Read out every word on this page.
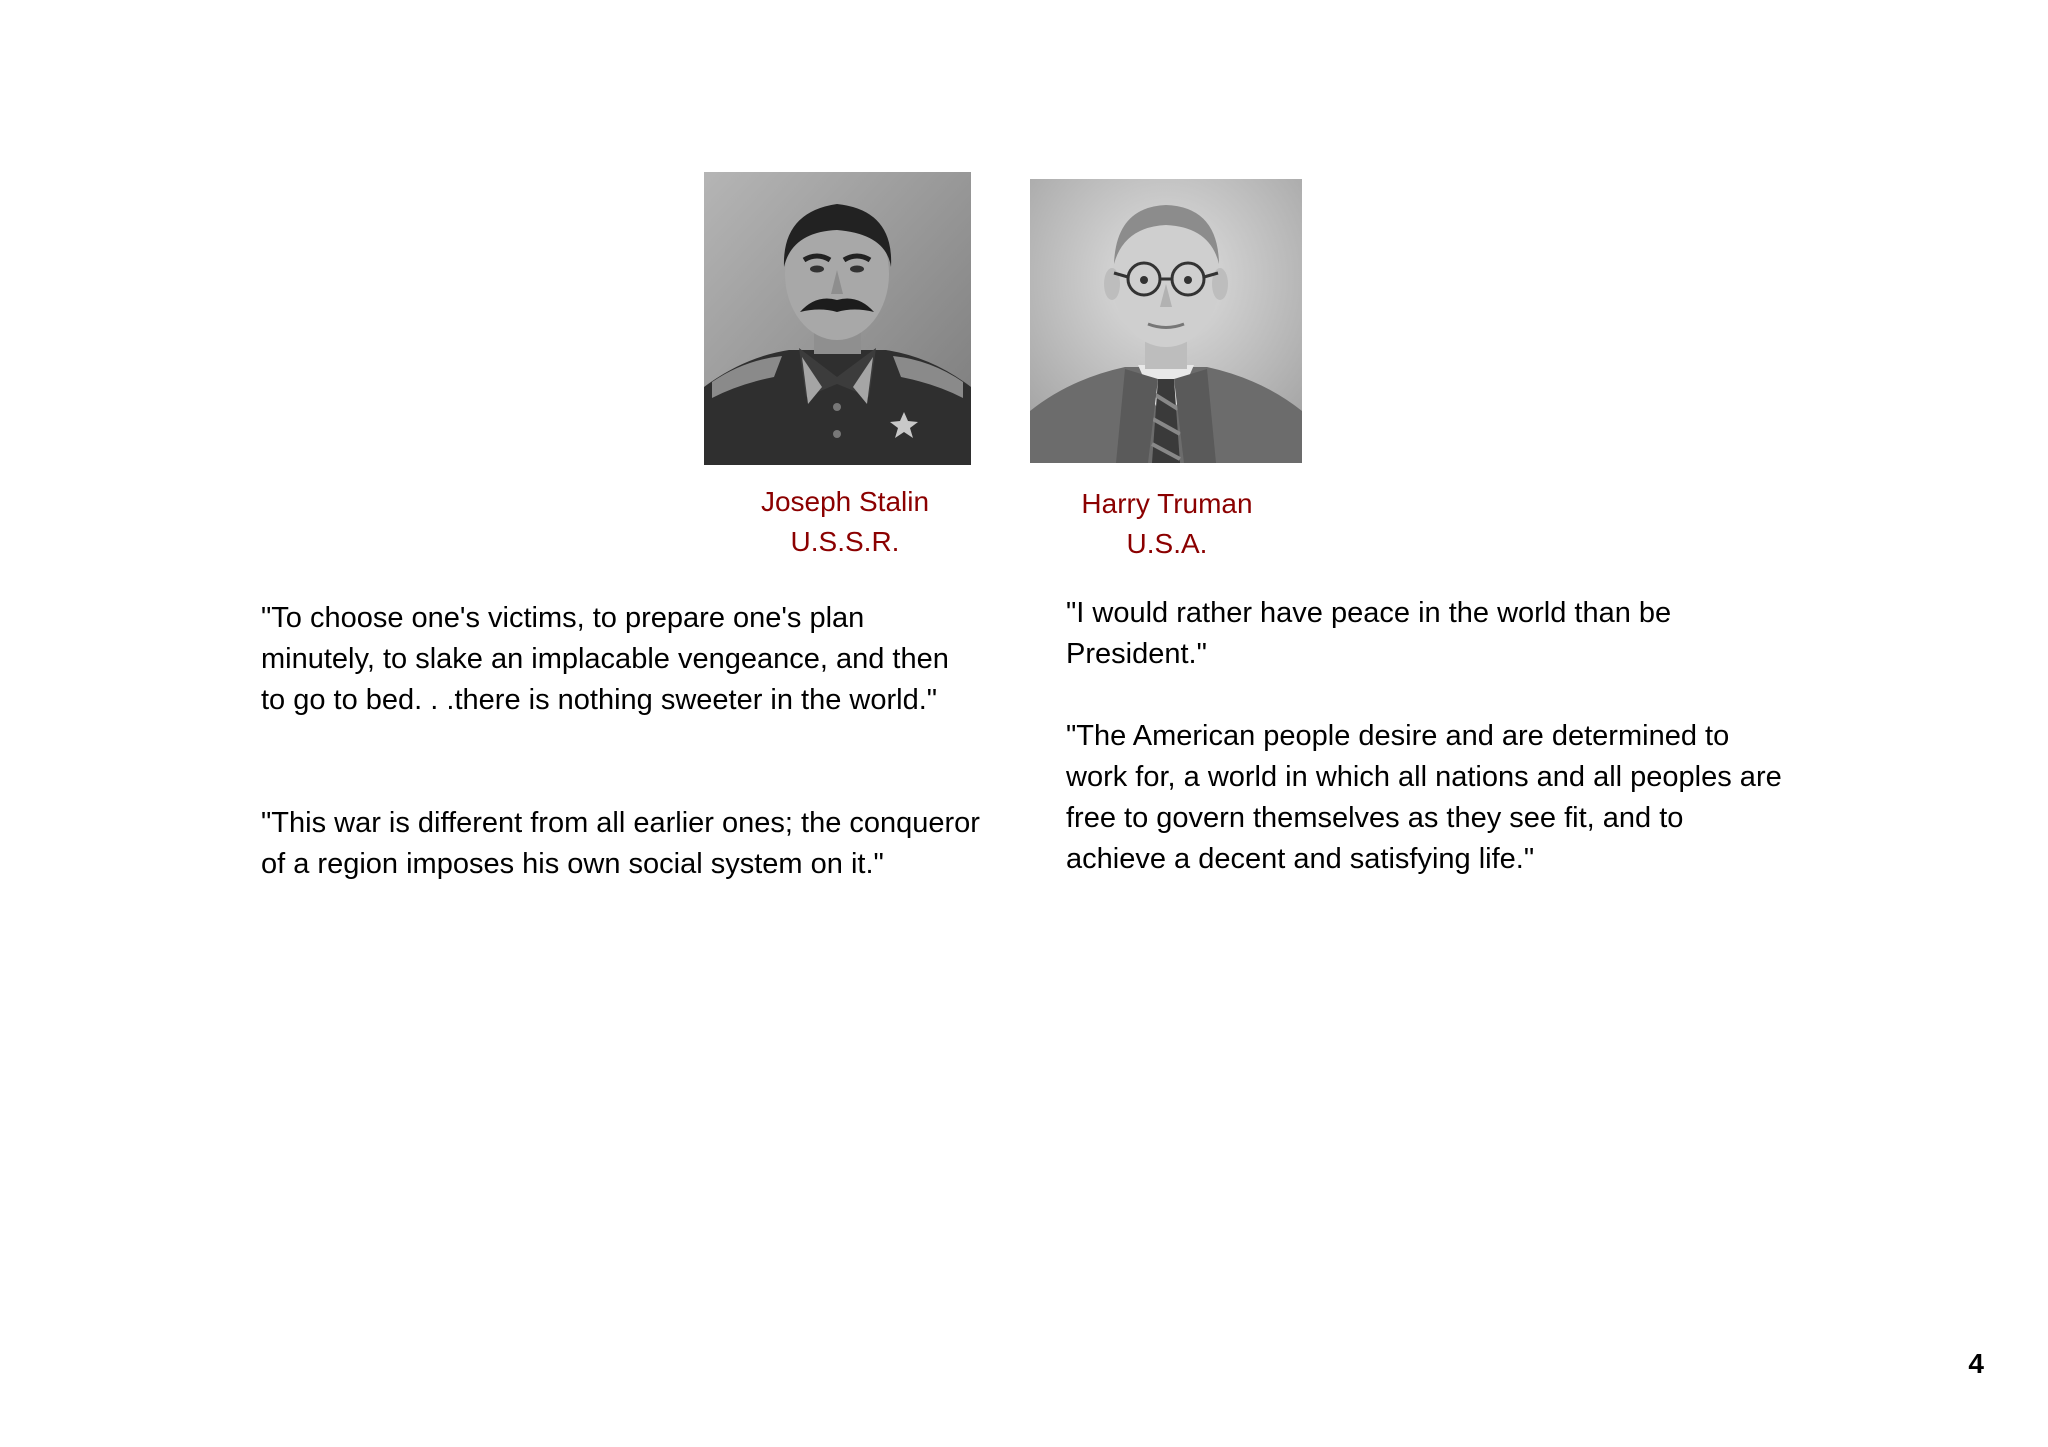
Joseph Stalin
U.S.S.R.
Harry Truman
U.S.A.

"To choose one's victims, to prepare one's plan minutely, to slake an implacable vengeance, and then to go to bed. . .there is nothing sweeter in the world."

"This war is different from all earlier ones; the conqueror of a region imposes his own social system on it."

"I would rather have peace in the world than be President."

"The American people desire and are determined to work for, a world in which all nations and all peoples are free to govern themselves as they see fit, and to achieve a decent and satisfying life."

4
